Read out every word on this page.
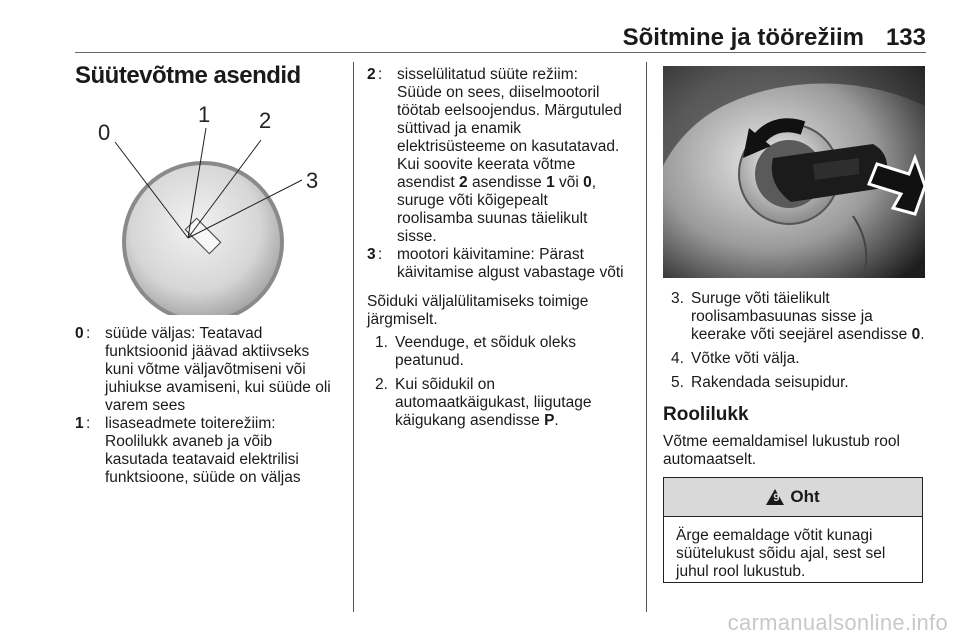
Sõitmine ja töörežiim 133
Süütevõtme asendid
0
1 2
3
0 : süüde väljas: Teatavad
funktsioonid jäävad aktiivseks
kuni võtme väljavõtmiseni või
juhiukse avamiseni, kui süüde oli
varem sees
1 : lisaseadmete toiterežiim:
Roolilukk avaneb ja võib
kasutada teatavaid elektrilisi
funktsioone, süüde on väljas
2 : sisselülitatud süüte režiim:
Süüde on sees, diiselmootoril
töötab eelsoojendus. Märgutuled
süttivad ja enamik
elektrisüsteeme on kasutatavad.
Kui soovite keerata võtme
asendist 2 asendisse 1 või 0,
suruge võti kõigepealt
roolisamba suunas täielikult
sisse.
3 : mootori käivitamine: Pärast
käivitamise algust vabastage võti
Sõiduki väljalülitamiseks toimige
järgmiselt.
1. Veenduge, et sõiduk oleks
peatunud.
2. Kui sõidukil on
automaatkäigukast, liigutage
käigukang asendisse P.
3. Suruge võti täielikult
roolisambasuunas sisse ja
keerake võti seejärel asendisse 0.
4. Võtke võti välja.
5. Rakendada seisupidur.
Roolilukk
Võtme eemaldamisel lukustub rool
automaatselt.
9 Oht
Ärge eemaldage võtit kunagi
süütelukust sõidu ajal, sest sel
juhul rool lukustub.
carmanualsonline.info
